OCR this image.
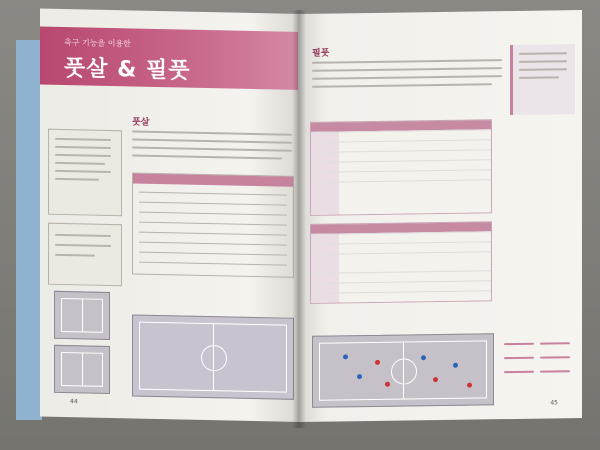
축구 기능을 이용한
풋살 & 필풋
풋살
44
필풋
45
